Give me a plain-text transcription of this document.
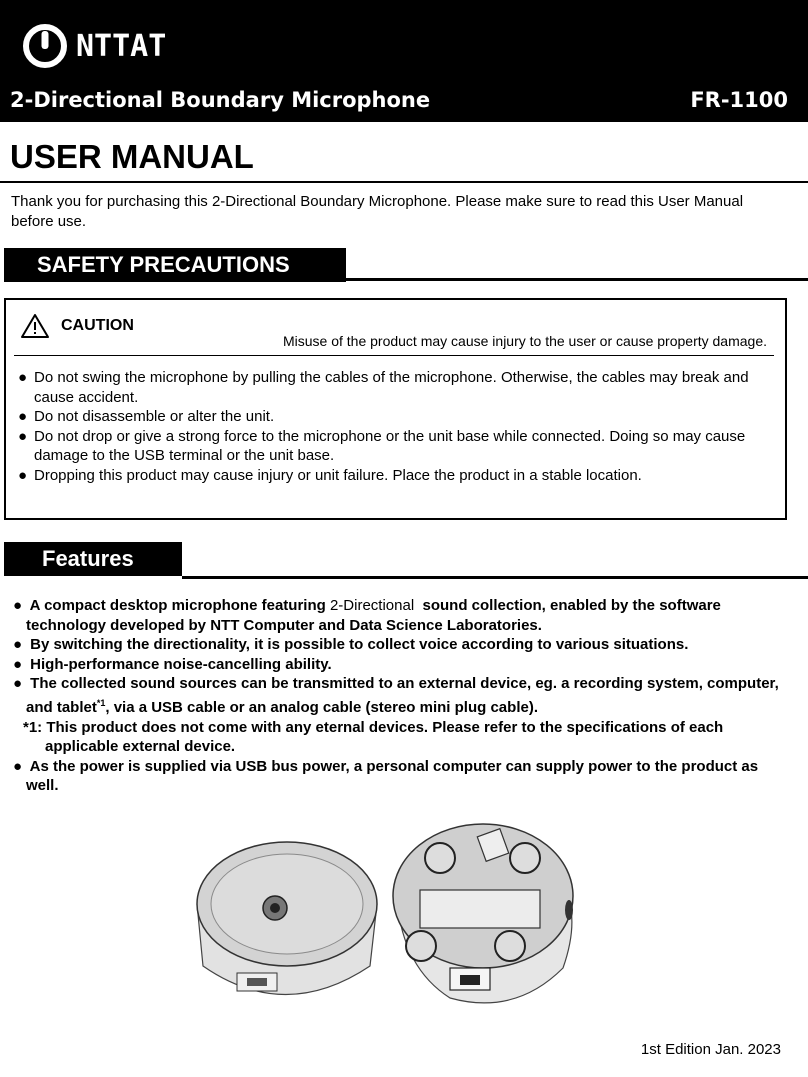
NTTAT
2-Directional Boundary Microphone	FR-1100
USER MANUAL
Thank you for purchasing this 2-Directional Boundary Microphone. Please make sure to read this User Manual before use.
SAFETY PRECAUTIONS
CAUTION
Misuse of the product may cause injury to the user or cause property damage.
● Do not swing the microphone by pulling the cables of the microphone. Otherwise, the cables may break and cause accident.
● Do not disassemble or alter the unit.
● Do not drop or give a strong force to the microphone or the unit base while connected. Doing so may cause damage to the USB terminal or the unit base.
● Dropping this product may cause injury or unit failure. Place the product in a stable location.
Features
● A compact desktop microphone featuring 2-Directional sound collection, enabled by the software technology developed by NTT Computer and Data Science Laboratories.
● By switching the directionality, it is possible to collect voice according to various situations.
● High-performance noise-cancelling ability.
● The collected sound sources can be transmitted to an external device, eg. a recording system, computer, and tablet$^{*1}$, via a USB cable or an analog cable (stereo mini plug cable).
*1: This product does not come with any eternal devices. Please refer to the specifications of each applicable external device.
● As the power is supplied via USB bus power, a personal computer can supply power to the product as well.
1st Edition Jan. 2023
